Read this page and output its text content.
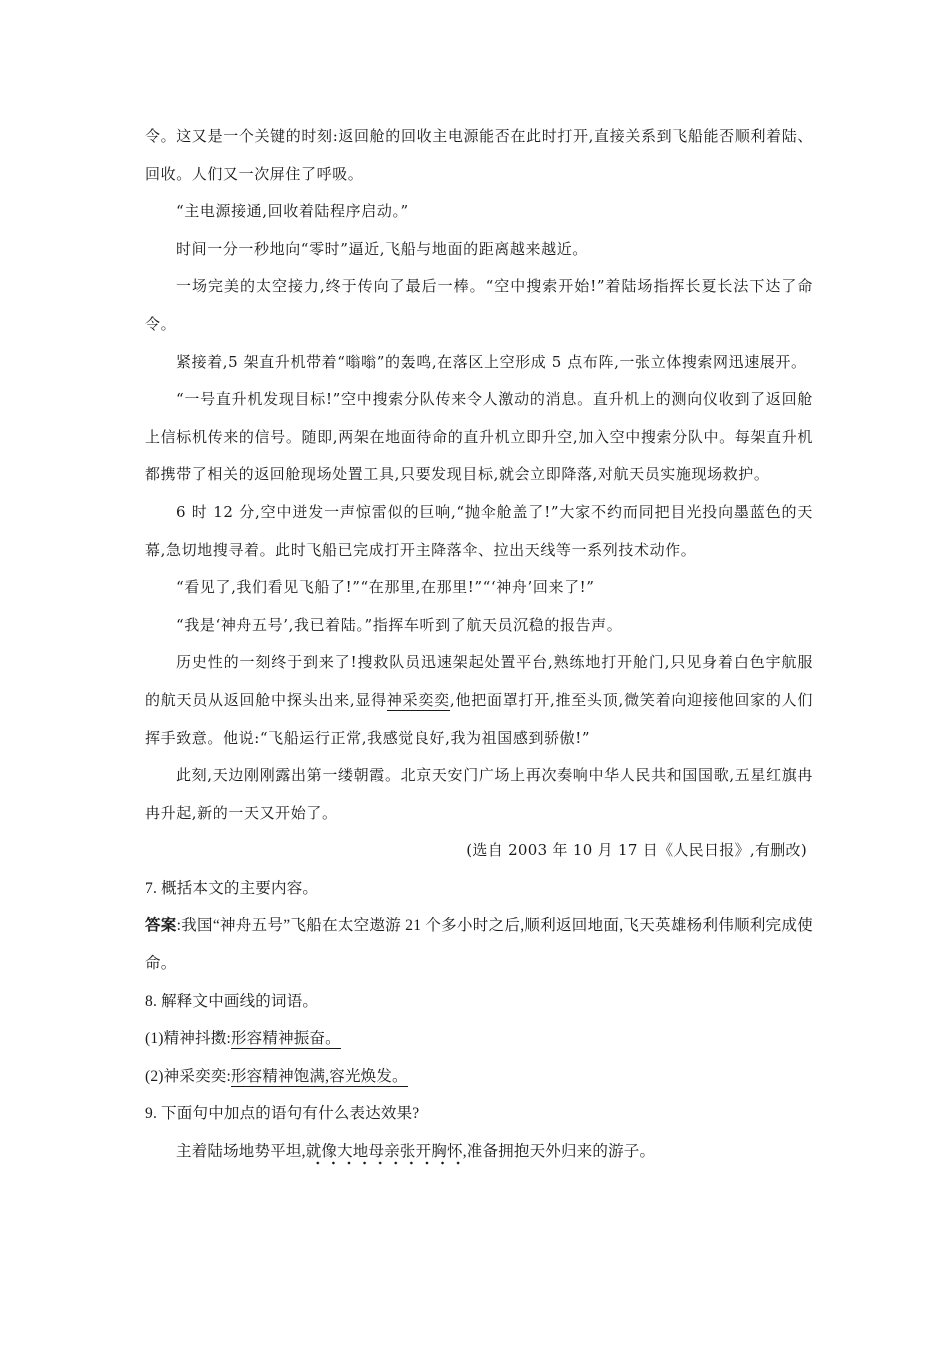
令。这又是一个关键的时刻:返回舱的回收主电源能否在此时打开,直接关系到飞船能否顺利着陆、回收。人们又一次屏住了呼吸。

“主电源接通,回收着陆程序启动。”

时间一分一秒地向“零时”逼近,飞船与地面的距离越来越近。

一场完美的太空接力,终于传向了最后一棒。“空中搜索开始!”着陆场指挥长夏长法下达了命令。

紧接着,5 架直升机带着“嗡嗡”的轰鸣,在落区上空形成 5 点布阵,一张立体搜索网迅速展开。

“一号直升机发现目标!”空中搜索分队传来令人激动的消息。直升机上的测向仪收到了返回舱上信标机传来的信号。随即,两架在地面待命的直升机立即升空,加入空中搜索分队中。每架直升机都携带了相关的返回舱现场处置工具,只要发现目标,就会立即降落,对航天员实施现场救护。

6 时 12 分,空中迸发一声惊雷似的巨响,“抛伞舱盖了!”大家不约而同把目光投向墨蓝色的天幕,急切地搜寻着。此时飞船已完成打开主降落伞、拉出天线等一系列技术动作。

“看见了,我们看见飞船了!”“在那里,在那里!”“‘神舟’回来了!”

“我是‘神舟五号’,我已着陆。”指挥车听到了航天员沉稳的报告声。

历史性的一刻终于到来了!搜救队员迅速架起处置平台,熟练地打开舱门,只见身着白色宇航服的航天员从返回舱中探头出来,显得神采奕奕,他把面罩打开,推至头顶,微笑着向迎接他回家的人们挥手致意。他说:“飞船运行正常,我感觉良好,我为祖国感到骄傲!”

此刻,天边刚刚露出第一缕朝霞。北京天安门广场上再次奏响中华人民共和国国歌,五星红旗冉冉升起,新的一天又开始了。

(选自 2003 年 10 月 17 日《人民日报》,有删改)

7. 概括本文的主要内容。

答案:我国“神舟五号”飞船在太空遨游 21 个多小时之后,顺利返回地面,飞天英雄杨利伟顺利完成使命。

8. 解释文中画线的词语。

(1)精神抖擞:形容精神振奋。

(2)神采奕奕:形容精神饱满,容光焕发。

9. 下面句中加点的语句有什么表达效果?

主着陆场地势平坦,就像大地母亲张开胸怀,准备拥抱天外归来的游子。
